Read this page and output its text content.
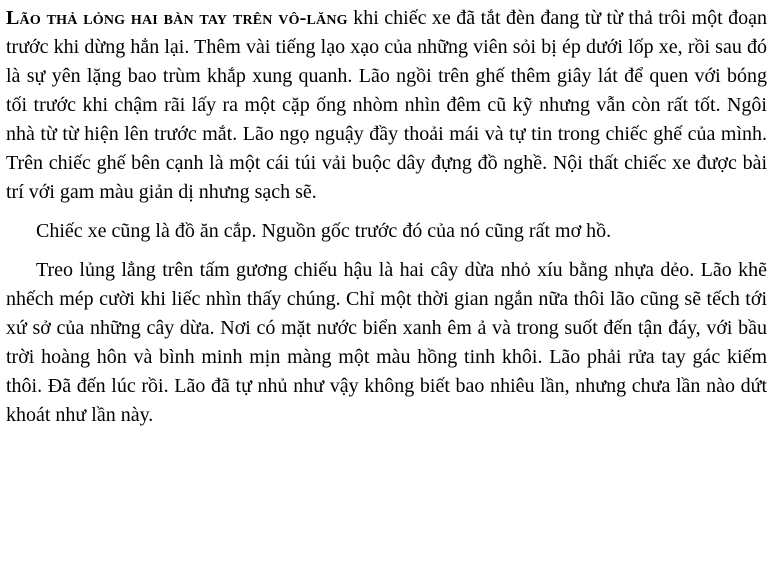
Lão thả lỏng hai bàn tay trên vô-lăng khi chiếc xe đã tắt đèn đang từ từ thả trôi một đoạn trước khi dừng hẳn lại. Thêm vài tiếng lạo xạo của những viên sỏi bị ép dưới lốp xe, rồi sau đó là sự yên lặng bao trùm khắp xung quanh. Lão ngồi trên ghế thêm giây lát để quen với bóng tối trước khi chậm rãi lấy ra một cặp ống nhòm nhìn đêm cũ kỹ nhưng vẫn còn rất tốt. Ngôi nhà từ từ hiện lên trước mắt. Lão ngọ nguậy đầy thoải mái và tự tin trong chiếc ghế của mình. Trên chiếc ghế bên cạnh là một cái túi vải buộc dây đựng đồ nghề. Nội thất chiếc xe được bài trí với gam màu giản dị nhưng sạch sẽ.

Chiếc xe cũng là đồ ăn cắp. Nguồn gốc trước đó của nó cũng rất mơ hồ.

Treo lủng lẳng trên tấm gương chiếu hậu là hai cây dừa nhỏ xíu bằng nhựa dẻo. Lão khẽ nhếch mép cười khi liếc nhìn thấy chúng. Chỉ một thời gian ngắn nữa thôi lão cũng sẽ tếch tới xứ sở của những cây dừa. Nơi có mặt nước biển xanh êm ả và trong suốt đến tận đáy, với bầu trời hoàng hôn và bình minh mịn màng một màu hồng tinh khôi. Lão phải rửa tay gác kiếm thôi. Đã đến lúc rồi. Lão đã tự nhủ như vậy không biết bao nhiêu lần, nhưng chưa lần nào dứt khoát như lần này.
